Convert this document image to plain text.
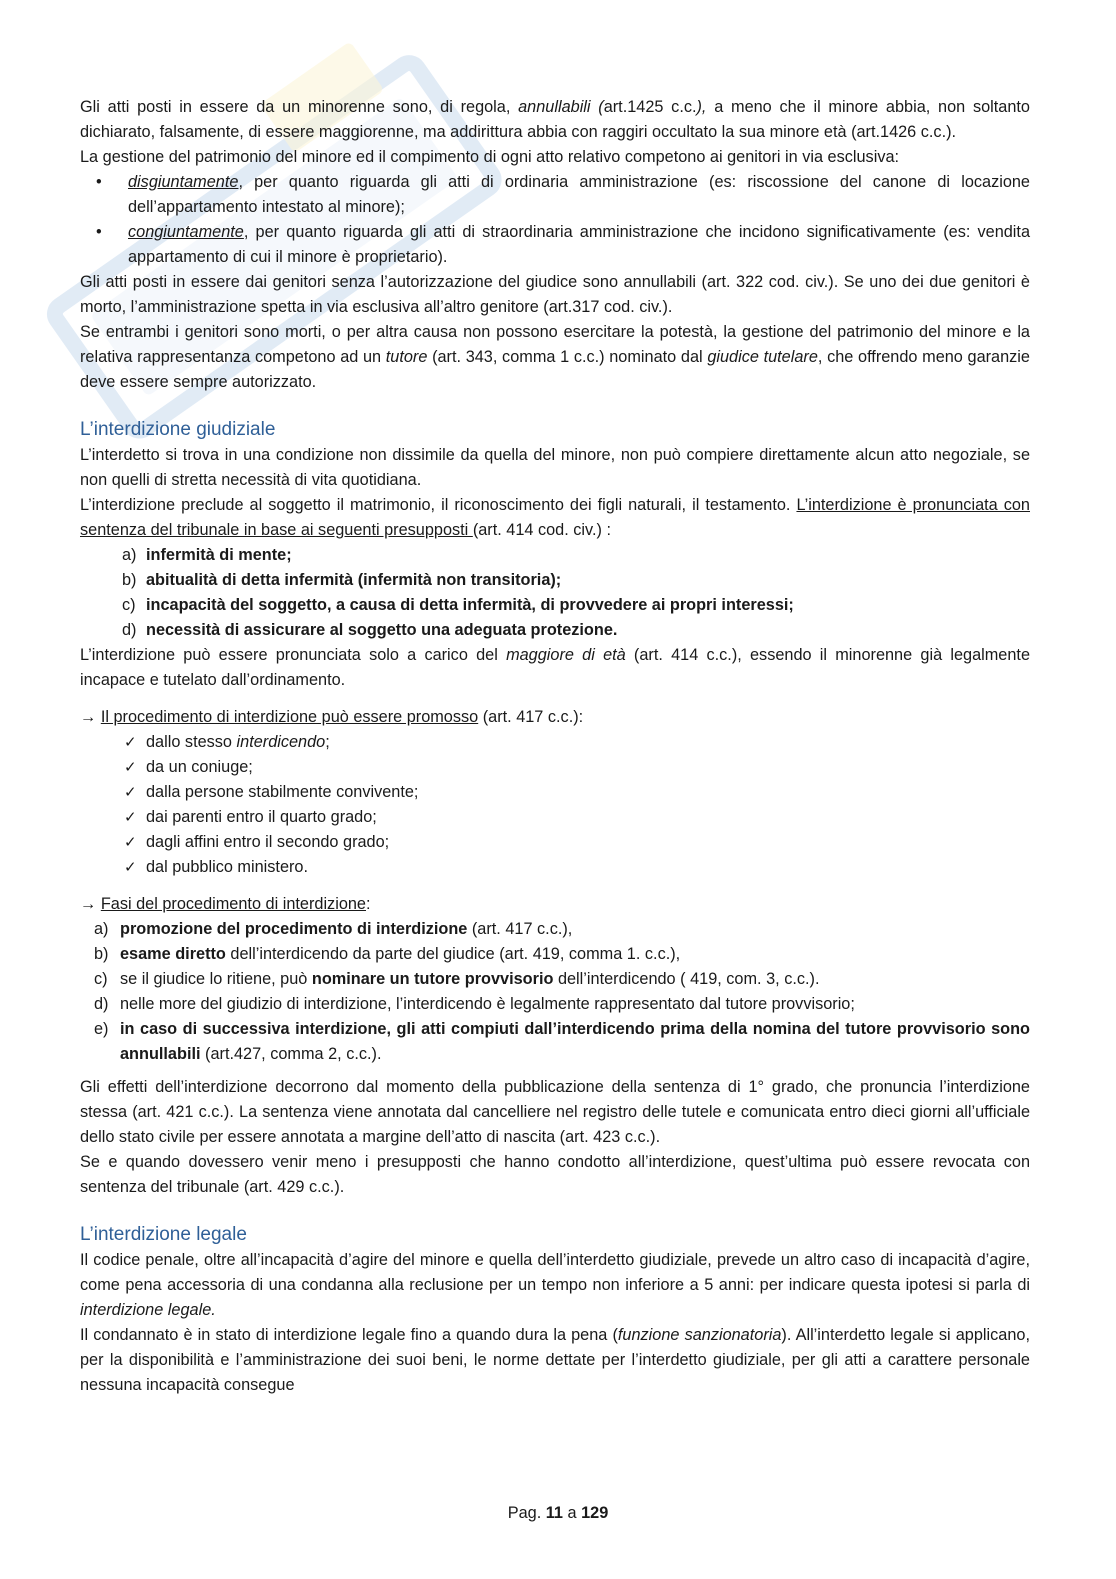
Gli atti posti in essere da un minorenne sono, di regola, annullabili (art.1425 c.c.), a meno che il minore abbia, non soltanto dichiarato, falsamente, di essere maggiorenne, ma addirittura abbia con raggiri occultato la sua minore età (art.1426 c.c.).

La gestione del patrimonio del minore ed il compimento di ogni atto relativo competono ai genitori in via esclusiva:

• disgiuntamente, per quanto riguarda gli atti di ordinaria amministrazione (es: riscossione del canone di locazione dell’appartamento intestato al minore);
• congiuntamente, per quanto riguarda gli atti di straordinaria amministrazione che incidono significativamente (es: vendita appartamento di cui il minore è proprietario).

Gli atti posti in essere dai genitori senza l’autorizzazione del giudice sono annullabili (art. 322 cod. civ.). Se uno dei due genitori è morto, l’amministrazione spetta in via esclusiva all’altro genitore (art.317 cod. civ.).

Se entrambi i genitori sono morti, o per altra causa non possono esercitare la potestà, la gestione del patrimonio del minore e la relativa rappresentanza competono ad un tutore (art. 343, comma 1 c.c.) nominato dal giudice tutelare, che offrendo meno garanzie deve essere sempre autorizzato.

L’interdizione giudiziale

L’interdetto si trova in una condizione non dissimile da quella del minore, non può compiere direttamente alcun atto negoziale, se non quelli di stretta necessità di vita quotidiana.

L’interdizione preclude al soggetto il matrimonio, il riconoscimento dei figli naturali, il testamento. L’interdizione è pronunciata con sentenza del tribunale in base ai seguenti presupposti (art. 414 cod. civ.) :

a) infermità di mente;
b) abitualità di detta infermità (infermità non transitoria);
c) incapacità del soggetto, a causa di detta infermità, di provvedere ai propri interessi;
d) necessità di assicurare al soggetto una adeguata protezione.

L’interdizione può essere pronunciata solo a carico del maggiore di età (art. 414 c.c.), essendo il minorenne già legalmente incapace e tutelato dall’ordinamento.

→ Il procedimento di interdizione può essere promosso (art. 417 c.c.):

✓ dallo stesso interdicendo;
✓ da un coniuge;
✓ dalla persone stabilmente convivente;
✓ dai parenti entro il quarto grado;
✓ dagli affini entro il secondo grado;
✓ dal pubblico ministero.

→ Fasi del procedimento di interdizione:

a) promozione del procedimento di interdizione (art. 417 c.c.),
b) esame diretto dell’interdicendo da parte del giudice (art. 419, comma 1. c.c.),
c) se il giudice lo ritiene, può nominare un tutore provvisorio dell’interdicendo ( 419, com. 3, c.c.).
d) nelle more del giudizio di interdizione, l’interdicendo è legalmente rappresentato dal tutore provvisorio;
e) in caso di successiva interdizione, gli atti compiuti dall’interdicendo prima della nomina del tutore provvisorio sono annullabili (art.427, comma 2, c.c.).

Gli effetti dell’interdizione decorrono dal momento della pubblicazione della sentenza di 1° grado, che pronuncia l’interdizione stessa (art. 421 c.c.). La sentenza viene annotata dal cancelliere nel registro delle tutele e comunicata entro dieci giorni all’ufficiale dello stato civile per essere annotata a margine dell’atto di nascita (art. 423 c.c.).

Se e quando dovessero venir meno i presupposti che hanno condotto all’interdizione, quest’ultima può essere revocata con sentenza del tribunale (art. 429 c.c.).

L’interdizione legale

Il codice penale, oltre all’incapacità d’agire del minore e quella dell’interdetto giudiziale, prevede un altro caso di incapacità d’agire, come pena accessoria di una condanna alla reclusione per un tempo non inferiore a 5 anni: per indicare questa ipotesi si parla di interdizione legale.

Il condannato è in stato di interdizione legale fino a quando dura la pena (funzione sanzionatoria). All’interdetto legale si applicano, per la disponibilità e l’amministrazione dei suoi beni, le norme dettate per l’interdetto giudiziale, per gli atti a carattere personale nessuna incapacità consegue

Pag. 11 a 129
